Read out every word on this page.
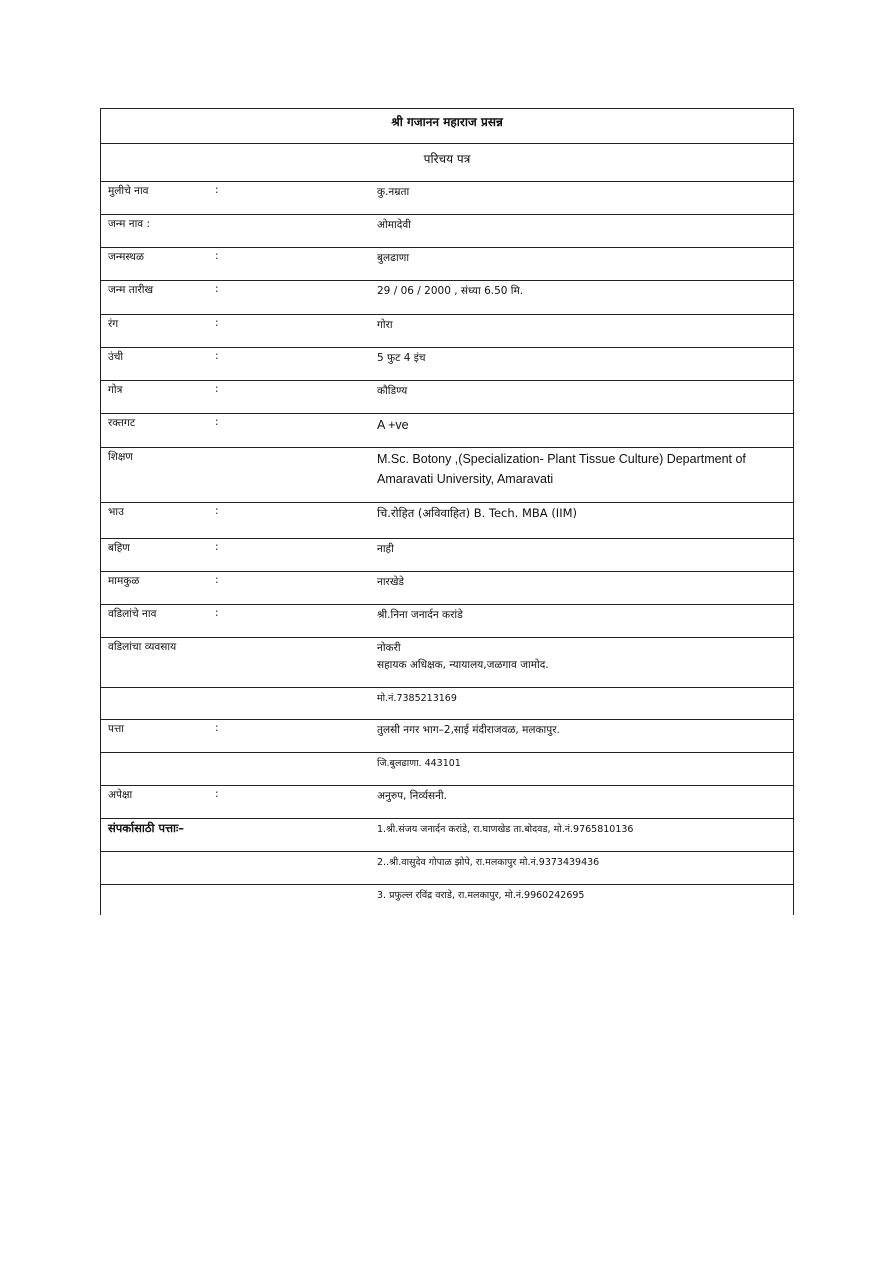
श्री गजानन महाराज प्रसन्न
परिचय पत्र
मुलीचे नाव	:	कु.नम्रता
जन्म नाव :	ओमादेवी
जन्मस्थळ	:	बुलढाणा
जन्म तारीख	:	29 / 06 / 2000 , संध्या 6.50 मि.
रंग	:	गोरा
उंची	:	5 फुट 4 इंच
गोत्र	:	कौडिण्य
रक्तगट	:	A +ve
शिक्षण	M.Sc. Botony ,(Specialization- Plant Tissue Culture) Department of
Amaravati University, Amaravati
भाउ	:	चि.रोहित (अविवाहित) B. Tech. MBA (IIM)
बहिण	:	नाही
मामकुळ	:	नारखेडे
वडिलांचे नाव	:	श्री.निना जनार्दन करांडे
वडिलांचा व्यवसाय	नोकरी
सहायक अधिक्षक, न्यायालय,जळगाव जामोद.
मो.नं.7385213169
पत्ता	:	तुलसी नगर भाग–2,साई मंदीराजवळ, मलकापुर.
जि.बुलढाणा. 443101
अपेक्षा	:	अनुरुप, निर्व्यसनी.
संपर्कासाठी पत्ताः–	1.श्री.संजय जनार्दन करांडे, रा.घाणखेड ता.बोदवड, मो.नं.9765810136
2..श्री.वासुदेव गोपाळ झोपे, रा.मलकापुर मो.नं.9373439436
3. प्रफुल्ल रविंद्र वराडे, रा.मलकापुर, मो.नं.9960242695
